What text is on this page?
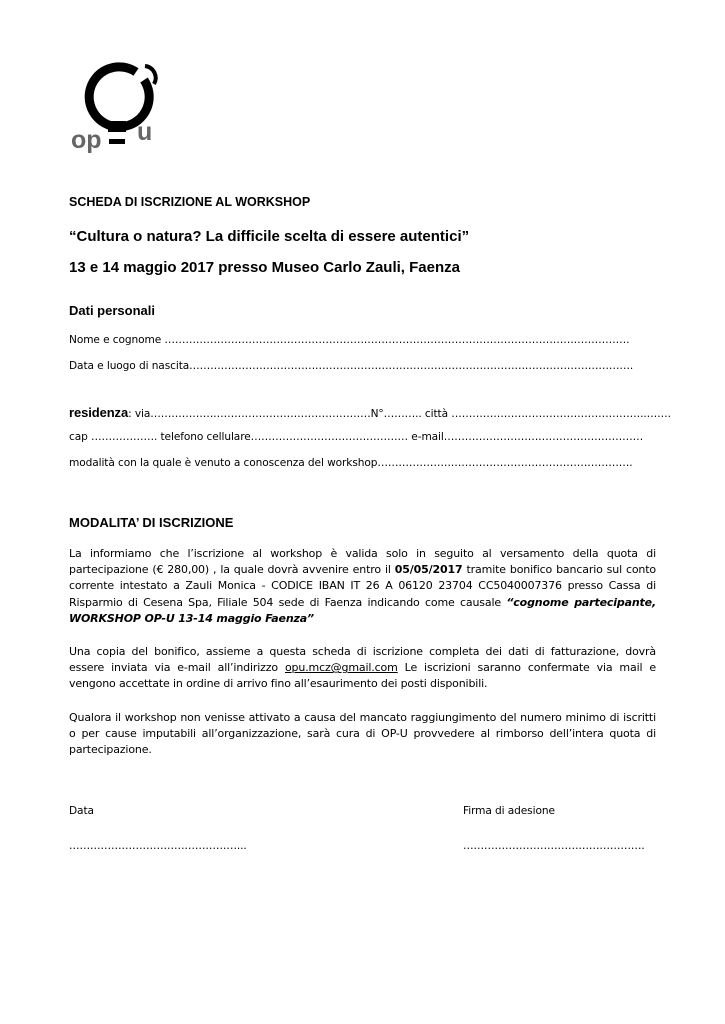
op u
SCHEDA DI ISCRIZIONE AL WORKSHOP
“Cultura o natura? La difficile scelta di essere autentici”
13 e 14 maggio 2017 presso Museo Carlo Zauli, Faenza
Dati personali
Nome e cognome …………………………………………………………………………………………………………………….
Data e luogo di nascita……………………………………………………………………………………………………………….
residenza: via………………………………………………………N°……….. città ………………………………………………..…….
cap ………………. telefono cellulare……………………………………… e-mail…………………………………………………
modalità con la quale è venuto a conoscenza del workshop……………………………………………………………….
MODALITA’ DI ISCRIZIONE
La informiamo che l’iscrizione al workshop è valida solo in seguito al versamento della quota di
partecipazione (€ 280,00) , la quale dovrà avvenire entro il 05/05/2017 tramite bonifico bancario sul conto
corrente intestato a Zauli Monica - CODICE IBAN IT 26 A 06120 23704 CC5040007376 presso Cassa di
Risparmio di Cesena Spa, Filiale 504 sede di Faenza indicando come causale “cognome partecipante,
WORKSHOP OP-U 13-14 maggio Faenza”
Una copia del bonifico, assieme a questa scheda di iscrizione completa dei dati di fatturazione, dovrà
essere inviata via e-mail all’indirizzo opu.mcz@gmail.com Le iscrizioni saranno confermate via mail e
vengono accettate in ordine di arrivo fino all’esaurimento dei posti disponibili.
Qualora il workshop non venisse attivato a causa del mancato raggiungimento del numero minimo di iscritti
o per cause imputabili all’organizzazione, sarà cura di OP-U provvedere al rimborso dell’intera quota di
partecipazione.
Data	Firma di adesione
…………………………………………...	…………………………………………….
